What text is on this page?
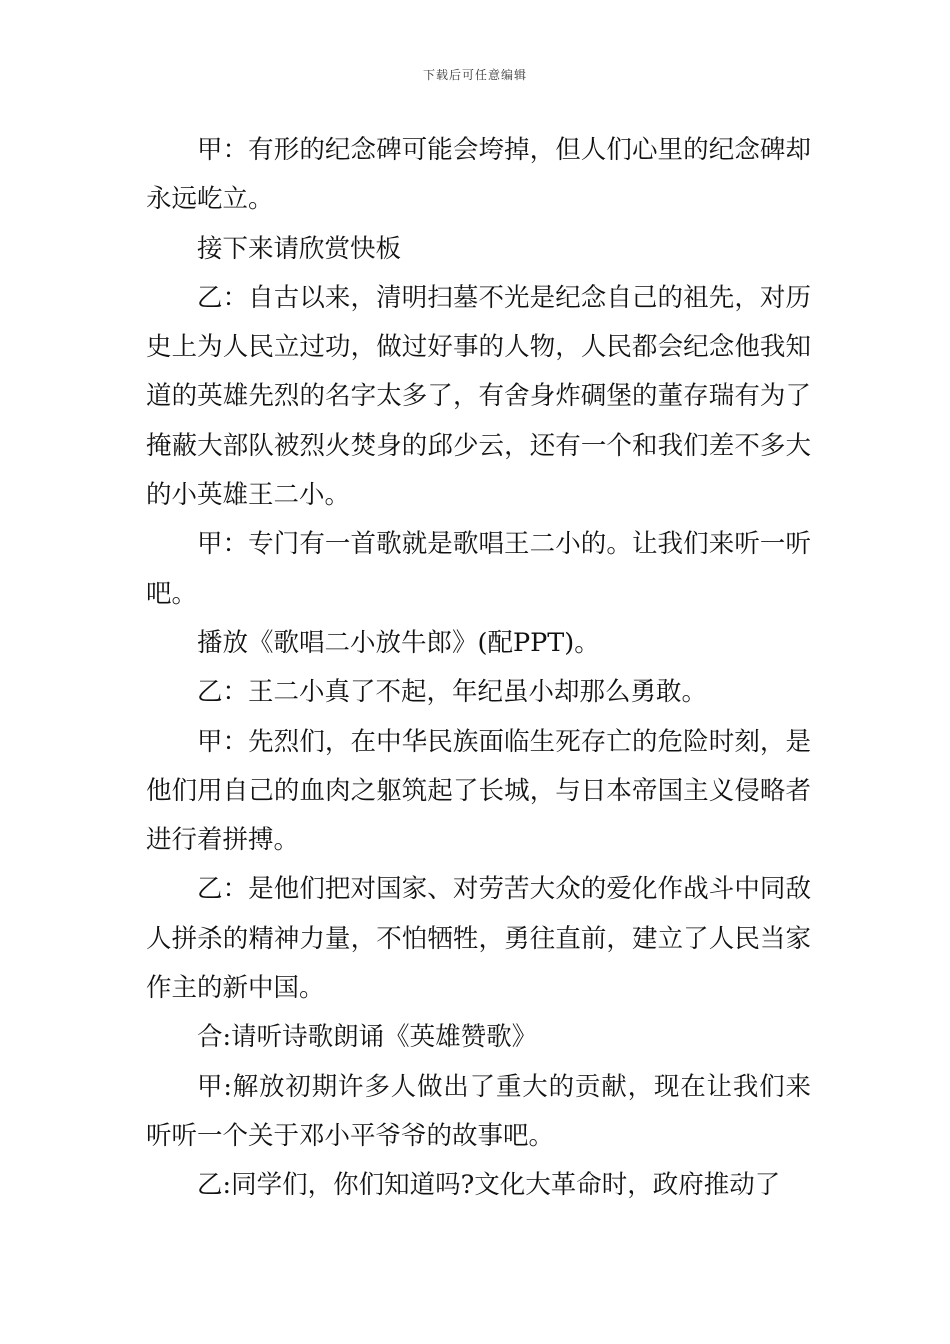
下载后可任意编辑

甲：有形的纪念碑可能会垮掉，但人们心里的纪念碑却永远屹立。

接下来请欣赏快板

乙：自古以来，清明扫墓不光是纪念自己的祖先，对历史上为人民立过功，做过好事的人物，人民都会纪念他我知道的英雄先烈的名字太多了，有舍身炸碉堡的董存瑞有为了掩蔽大部队被烈火焚身的邱少云，还有一个和我们差不多大的小英雄王二小。

甲：专门有一首歌就是歌唱王二小的。让我们来听一听吧。

播放《歌唱二小放牛郎》(配PPT)。

乙：王二小真了不起，年纪虽小却那么勇敢。

甲：先烈们，在中华民族面临生死存亡的危险时刻，是他们用自己的血肉之躯筑起了长城，与日本帝国主义侵略者进行着拼搏。

乙：是他们把对国家、对劳苦大众的爱化作战斗中同敌人拼杀的精神力量，不怕牺牲，勇往直前，建立了人民当家作主的新中国。

合:请听诗歌朗诵《英雄赞歌》

甲:解放初期许多人做出了重大的贡献，现在让我们来听听一个关于邓小平爷爷的故事吧。

乙:同学们，你们知道吗?文化大革命时，政府推动了
